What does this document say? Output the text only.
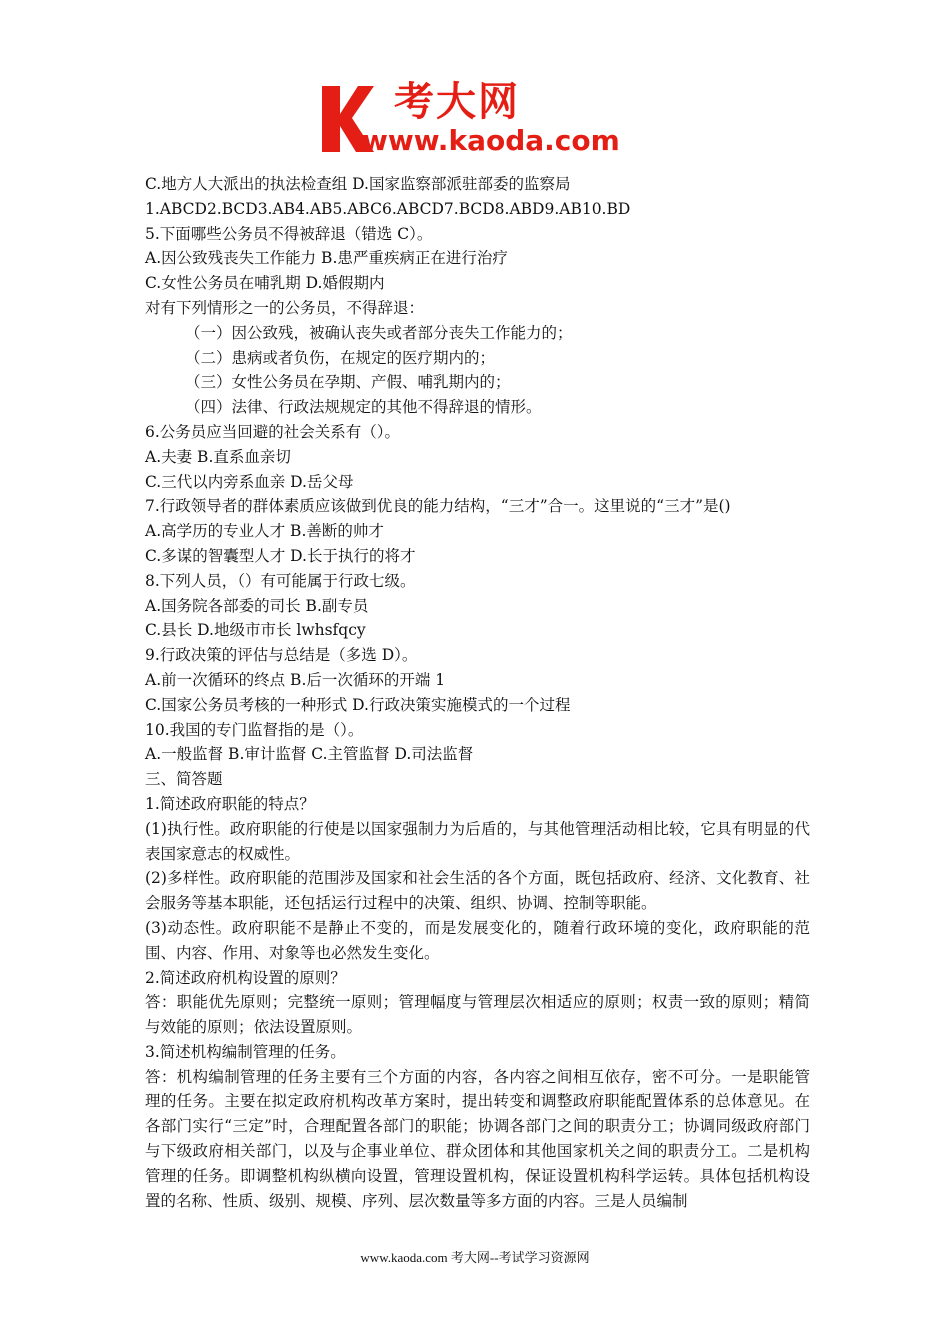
考大网
www.kaoda.com
C.地方人大派出的执法检查组 D.国家监察部派驻部委的监察局
1.ABCD2.BCD3.AB4.AB5.ABC6.ABCD7.BCD8.ABD9.AB10.BD
5.下面哪些公务员不得被辞退（错选 C）。
A.因公致残丧失工作能力 B.患严重疾病正在进行治疗
C.女性公务员在哺乳期 D.婚假期内
对有下列情形之一的公务员，不得辞退：
（一）因公致残，被确认丧失或者部分丧失工作能力的；
（二）患病或者负伤，在规定的医疗期内的；
（三）女性公务员在孕期、产假、哺乳期内的；
（四）法律、行政法规规定的其他不得辞退的情形。
6.公务员应当回避的社会关系有（）。
A.夫妻 B.直系血亲切
C.三代以内旁系血亲 D.岳父母
7.行政领导者的群体素质应该做到优良的能力结构，“三才”合一。这里说的“三才”是()
A.高学历的专业人才 B.善断的帅才
C.多谋的智囊型人才 D.长于执行的将才
8.下列人员，（）有可能属于行政七级。
A.国务院各部委的司长 B.副专员
C.县长 D.地级市市长 lwhsfqcy
9.行政决策的评估与总结是（多选 D）。
A.前一次循环的终点 B.后一次循环的开端 1
C.国家公务员考核的一种形式 D.行政决策实施模式的一个过程
10.我国的专门监督指的是（）。
A.一般监督 B.审计监督 C.主管监督 D.司法监督
三、简答题
1.简述政府职能的特点？
(1)执行性。政府职能的行使是以国家强制力为后盾的，与其他管理活动相比较，它具有明显的代表国家意志的权威性。
(2)多样性。政府职能的范围涉及国家和社会生活的各个方面，既包括政府、经济、文化教育、社会服务等基本职能，还包括运行过程中的决策、组织、协调、控制等职能。
(3)动态性。政府职能不是静止不变的，而是发展变化的，随着行政环境的变化，政府职能的范围、内容、作用、对象等也必然发生变化。
2.简述政府机构设置的原则？
答：职能优先原则；完整统一原则；管理幅度与管理层次相适应的原则；权责一致的原则；精简与效能的原则；依法设置原则。
3.简述机构编制管理的任务。
答：机构编制管理的任务主要有三个方面的内容，各内容之间相互依存，密不可分。一是职能管理的任务。主要在拟定政府机构改革方案时，提出转变和调整政府职能配置体系的总体意见。在各部门实行“三定”时，合理配置各部门的职能；协调各部门之间的职责分工；协调同级政府部门与下级政府相关部门，以及与企事业单位、群众团体和其他国家机关之间的职责分工。二是机构管理的任务。即调整机构纵横向设置，管理设置机构，保证设置机构科学运转。具体包括机构设置的名称、性质、级别、规模、序列、层次数量等多方面的内容。三是人员编制
www.kaoda.com 考大网--考试学习资源网
